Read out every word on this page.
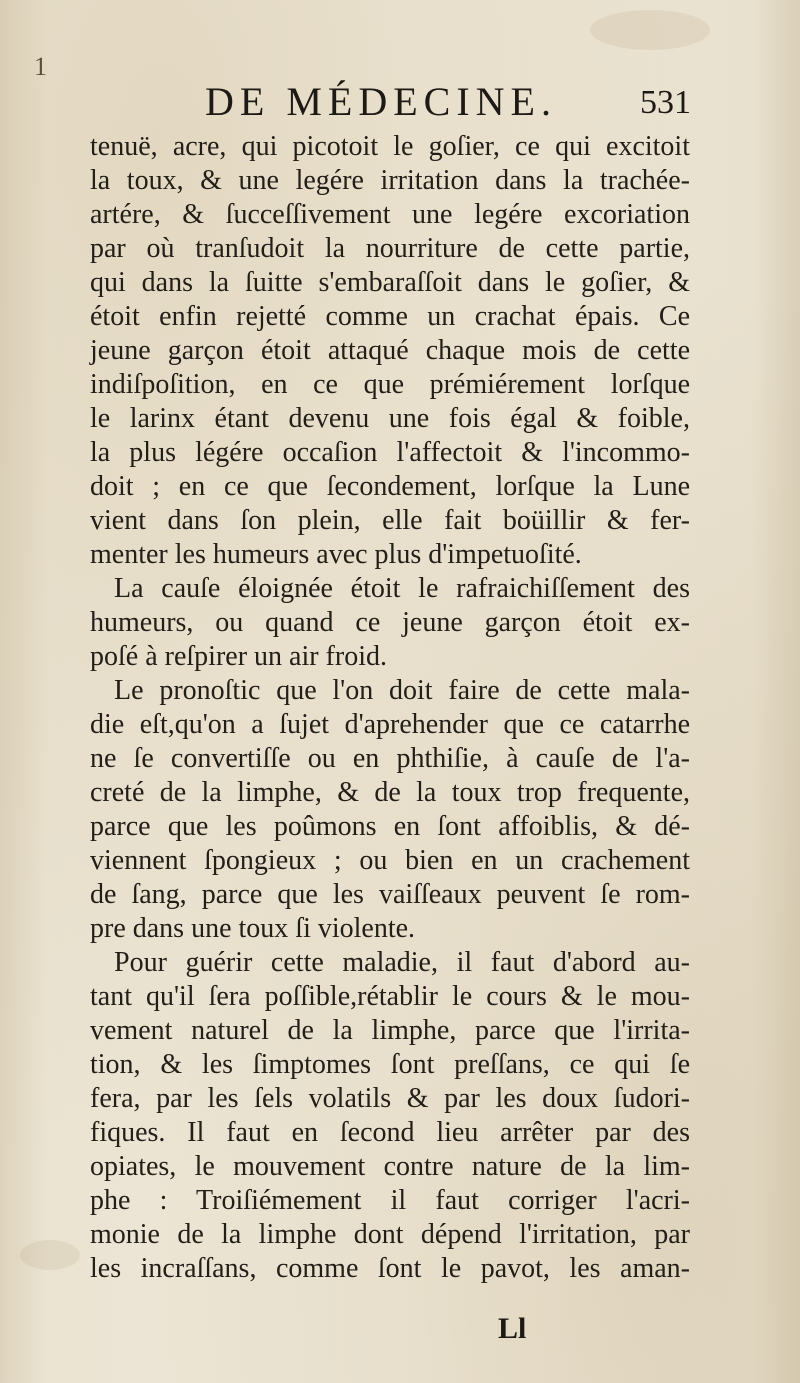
1
DE MÉDECINE. 531
tenuë, acre, qui picotoit le goſier, ce qui excitoit
la toux, & une legére irritation dans la trachée-
artére, & ſucceſſivement une legére excoriation
par où tranſudoit la nourriture de cette partie,
qui dans la ſuitte s'embaraſſoit dans le goſier, &
étoit enfin rejetté comme un crachat épais. Ce
jeune garçon étoit attaqué chaque mois de cette
indiſpoſition, en ce que prémiérement lorſque
le larinx étant devenu une fois égal & foible,
la plus légére occaſion l'affectoit & l'incommo-
doit ; en ce que ſecondement, lorſque la Lune
vient dans ſon plein, elle fait boüillir & fer-
menter les humeurs avec plus d'impetuoſité.
La cauſe éloignée étoit le rafraichiſſement des
humeurs, ou quand ce jeune garçon étoit ex-
poſé à reſpirer un air froid.
Le pronoſtic que l'on doit faire de cette mala-
die eſt,qu'on a ſujet d'aprehender que ce catarrhe
ne ſe convertiſſe ou en phthiſie, à cauſe de l'a-
creté de la limphe, & de la toux trop frequente,
parce que les poûmons en ſont affoiblis, & dé-
viennent ſpongieux ; ou bien en un crachement
de ſang, parce que les vaiſſeaux peuvent ſe rom-
pre dans une toux ſi violente.
Pour guérir cette maladie, il faut d'abord au-
tant qu'il ſera poſſible,rétablir le cours & le mou-
vement naturel de la limphe, parce que l'irrita-
tion, & les ſimptomes ſont preſſans, ce qui ſe
fera, par les ſels volatils & par les doux ſudori-
fiques. Il faut en ſecond lieu arrêter par des
opiates, le mouvement contre nature de la lim-
phe : Troiſiémement il faut corriger l'acri-
monie de la limphe dont dépend l'irritation, par
les incraſſans, comme ſont le pavot, les aman-
Ll
